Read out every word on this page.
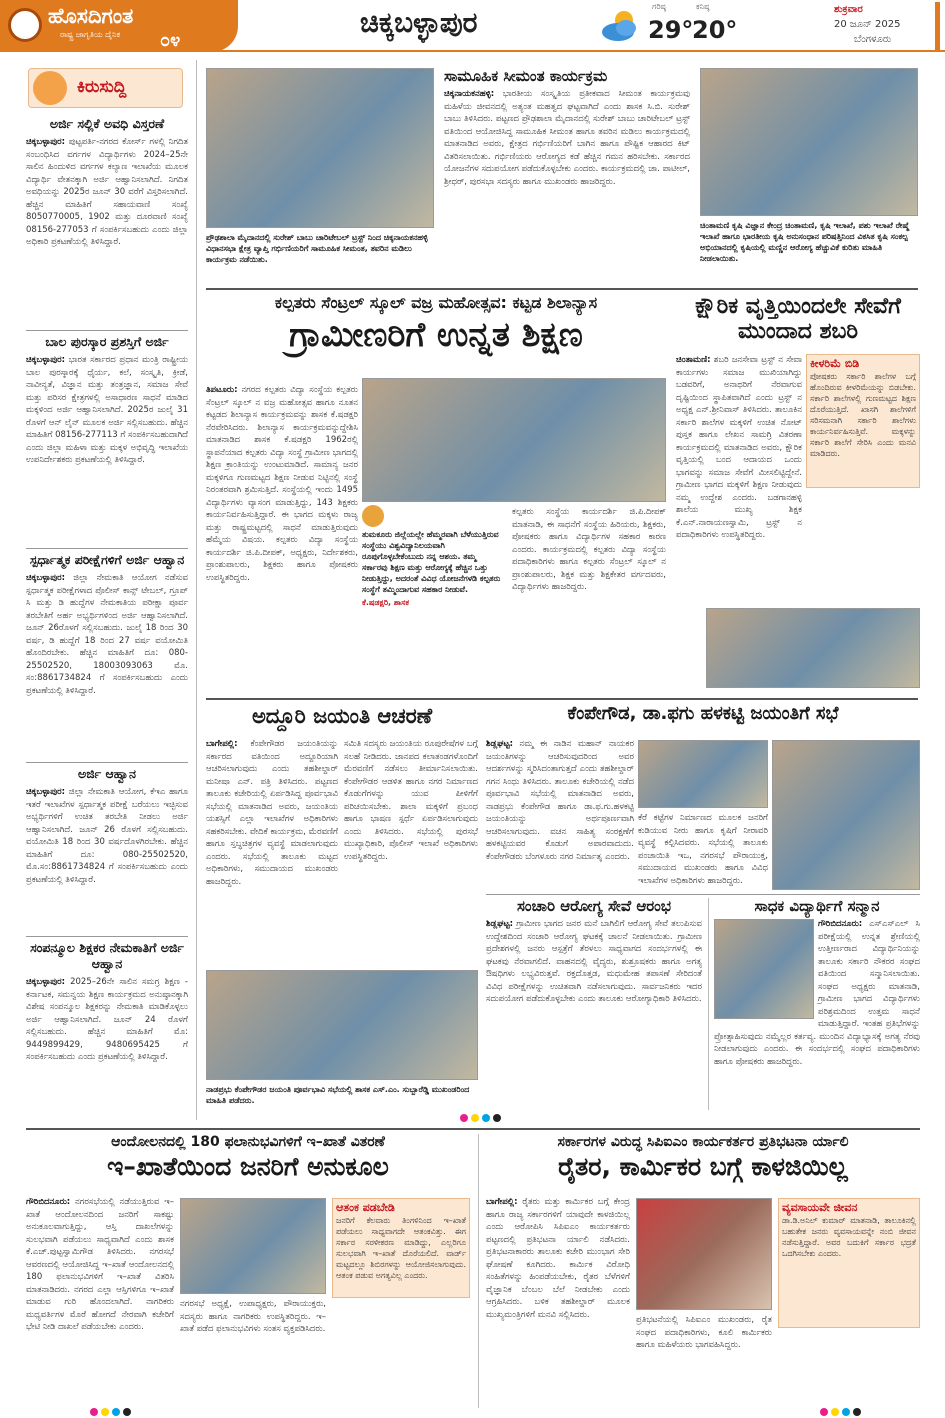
ಹೊಸದಿಗಂತ
ರಾಷ್ಟ್ರ ಜಾಗೃತಿಯ ದೈನಿಕ ೦೪
ಚಿಕ್ಕಬಳ್ಳಾಪುರ	ಗರಿಷ್ಠ
29°
ಕನಿಷ್ಠ
20°
ಶುಕ್ರವಾರ
20 ಜೂನ್ 2025
ಬೆಂಗಳೂರು
ಕಿರುಸುದ್ದಿ
ಅರ್ಜಿ ಸಲ್ಲಿಕೆ ಅವಧಿ ವಿಸ್ತರಣೆ
ಚಿಕ್ಕಬಳ್ಳಾಪುರ: ಪುಟ್ಟಪರ್ತಿ-ನಗರದ ಕೋರ್ಸ್ ಗಳಲ್ಲಿ ನಿಗದಿತ ಸಂಬಂಧಿಸಿದ ವರ್ಗಗಳ ವಿದ್ಯಾರ್ಥಿಗಳು 2024–25ನೇ ಸಾಲಿನ ಹಿಂದುಳಿದ ವರ್ಗಗಳ ಕಲ್ಯಾಣ ಇಲಾಖೆಯ ಮೂಲಕ ವಿದ್ಯಾರ್ಥಿ ವೇತನಕ್ಕಾಗಿ ಅರ್ಜಿ ಆಹ್ವಾನಿಸಲಾಗಿದೆ. ನಿಗದಿತ ಅವಧಿಯನ್ನು 2025ರ ಜೂನ್ 30 ವರೆಗೆ ವಿಸ್ತರಿಸಲಾಗಿದೆ. ಹೆಚ್ಚಿನ ಮಾಹಿತಿಗೆ ಸಹಾಯವಾಣಿ ಸಂಖ್ಯೆ 8050770005, 1902 ಮತ್ತು ದೂರವಾಣಿ ಸಂಖ್ಯೆ 08156-277053 ಗೆ ಸಂಪರ್ಕಿಸಬಹುದು ಎಂದು ಜಿಲ್ಲಾ ಅಧಿಕಾರಿ ಪ್ರಕಟಣೆಯಲ್ಲಿ ತಿಳಿಸಿದ್ದಾರೆ.
ಬಾಲ ಪುರಸ್ಕಾರ ಪ್ರಶಸ್ತಿಗೆ ಅರ್ಜಿ
ಚಿಕ್ಕಬಳ್ಳಾಪುರ: ಭಾರತ ಸರ್ಕಾರದ ಪ್ರಧಾನ ಮಂತ್ರಿ ರಾಷ್ಟ್ರೀಯ ಬಾಲ ಪುರಸ್ಕಾರಕ್ಕೆ ಧೈರ್ಯ, ಕಲೆ, ಸಂಸ್ಕೃತಿ, ಕ್ರೀಡೆ, ನಾವೀನ್ಯತೆ, ವಿಜ್ಞಾನ ಮತ್ತು ತಂತ್ರಜ್ಞಾನ, ಸಮಾಜ ಸೇವೆ ಮತ್ತು ಪರಿಸರ ಕ್ಷೇತ್ರಗಳಲ್ಲಿ ಅಸಾಧಾರಣ ಸಾಧನೆ ಮಾಡಿದ ಮಕ್ಕಳಿಂದ ಅರ್ಜಿ ಆಹ್ವಾನಿಸಲಾಗಿದೆ. 2025ರ ಜುಲೈ 31 ರೊಳಗೆ ಆನ್ ಲೈನ್ ಮೂಲಕ ಅರ್ಜಿ ಸಲ್ಲಿಸಬಹುದು. ಹೆಚ್ಚಿನ ಮಾಹಿತಿಗೆ 08156-277113 ಗೆ ಸಂಪರ್ಕಿಸಬಹುದಾಗಿದೆ ಎಂದು ಜಿಲ್ಲಾ ಮಹಿಳಾ ಮತ್ತು ಮಕ್ಕಳ ಅಭಿವೃದ್ಧಿ ಇಲಾಖೆಯ ಉಪನಿರ್ದೇಶಕರು ಪ್ರಕಟಣೆಯಲ್ಲಿ ತಿಳಿಸಿದ್ದಾರೆ.
ಸ್ಪರ್ಧಾತ್ಮಕ ಪರೀಕ್ಷೆಗಳಿಗೆ ಅರ್ಜಿ ಆಹ್ವಾನ
ಚಿಕ್ಕಬಳ್ಳಾಪುರ: ಜಿಲ್ಲಾ ನೇಮಕಾತಿ ಆಯೋಗ ನಡೆಸುವ ಸ್ಪರ್ಧಾತ್ಮಕ ಪರೀಕ್ಷೆಗಳಾದ ಪೊಲೀಸ್ ಕಾನ್ಸ್ ಟೇಬಲ್, ಗ್ರೂಪ್ ಸಿ ಮತ್ತು ಡಿ ಹುದ್ದೆಗಳ ನೇಮಕಾತಿಯ ಪರೀಕ್ಷಾ ಪೂರ್ವ ತರಬೇತಿಗೆ ಅರ್ಹ ಅಭ್ಯರ್ಥಿಗಳಿಂದ ಅರ್ಜಿ ಆಹ್ವಾನಿಸಲಾಗಿದೆ. ಜೂನ್ 26ರೊಳಗೆ ಸಲ್ಲಿಸಬಹುದು. ಜುಲೈ 18 ರಿಂದ 30 ವರ್ಷ, ಡಿ ಹುದ್ದೆಗೆ 18 ರಿಂದ 27 ವರ್ಷ ವಯೋಮಿತಿ ಹೊಂದಿರಬೇಕು. ಹೆಚ್ಚಿನ ಮಾಹಿತಿಗೆ ದೂ: 080-25502520, 18003093063 ಮೊ. ಸಂ:8861734824 ಗೆ ಸಂಪರ್ಕಿಸಬಹುದು ಎಂದು ಪ್ರಕಟಣೆಯಲ್ಲಿ ತಿಳಿಸಿದ್ದಾರೆ.
ಅರ್ಜಿ ಆಹ್ವಾನ
ಚಿಕ್ಕಬಳ್ಳಾಪುರ: ಜಿಲ್ಲಾ ನೇಮಕಾತಿ ಆಯೋಗ, ಕೆಇಎ ಹಾಗೂ ಇತರೆ ಇಲಾಖೆಗಳ ಸ್ಪರ್ಧಾತ್ಮಕ ಪರೀಕ್ಷೆ ಬರೆಯಲು ಇಚ್ಛಿಸುವ ಅಭ್ಯರ್ಥಿಗಳಿಗೆ ಉಚಿತ ತರಬೇತಿ ನೀಡಲು ಅರ್ಜಿ ಆಹ್ವಾನಿಸಲಾಗಿದೆ. ಜೂನ್ 26 ರೊಳಗೆ ಸಲ್ಲಿಸಬಹುದು. ವಯೋಮಿತಿ 18 ರಿಂದ 30 ವರ್ಷದೊಳಗಿರಬೇಕು. ಹೆಚ್ಚಿನ ಮಾಹಿತಿಗೆ ದೂ: 080-25502520, ಮೊ.ಸಂ:8861734824 ಗೆ ಸಂಪರ್ಕಿಸಬಹುದು ಎಂದು ಪ್ರಕಟಣೆಯಲ್ಲಿ ತಿಳಿಸಿದ್ದಾರೆ.
ಸಂಪನ್ಮೂಲ ಶಿಕ್ಷಕರ ನೇಮಕಾತಿಗೆ ಅರ್ಜಿ ಆಹ್ವಾನ
ಚಿಕ್ಕಬಳ್ಳಾಪುರ: 2025–26ನೇ ಸಾಲಿನ ಸಮಗ್ರ ಶಿಕ್ಷಣ - ಕರ್ನಾಟಕ, ಸಮನ್ವಯ ಶಿಕ್ಷಣ ಕಾರ್ಯಕ್ರಮದ ಅನುಷ್ಠಾನಕ್ಕಾಗಿ ವಿಶೇಷ ಸಂಪನ್ಮೂಲ ಶಿಕ್ಷಕರನ್ನು ನೇಮಕಾತಿ ಮಾಡಿಕೊಳ್ಳಲು ಅರ್ಜಿ ಆಹ್ವಾನಿಸಲಾಗಿದೆ. ಜೂನ್ 24 ರೊಳಗೆ ಸಲ್ಲಿಸಬಹುದು. ಹೆಚ್ಚಿನ ಮಾಹಿತಿಗೆ ಮೊ: 9449899429, 9480695425 ಗೆ ಸಂಪರ್ಕಿಸಬಹುದು ಎಂದು ಪ್ರಕಟಣೆಯಲ್ಲಿ ತಿಳಿಸಿದ್ದಾರೆ.
ಪ್ರೌಢಶಾಲಾ ಮೈದಾನದಲ್ಲಿ ಸುರೇಶ್ ಬಾಬು ಚಾರಿಟೇಬಲ್ ಟ್ರಸ್ಟ್ ನಿಂದ ಚಿಕ್ಕನಾಯಕನಹಳ್ಳಿ ವಿಧಾನಸಭಾ ಕ್ಷೇತ್ರ ವ್ಯಾಪ್ತಿ ಗರ್ಭಿಣಿಯರಿಗೆ ಸಾಮೂಹಿಕ ಸೀಮಂತ, ತವರಿನ ಮಡಿಲು ಕಾರ್ಯಕ್ರಮ ನಡೆಯಿತು.
ಸಾಮೂಹಿಕ ಸೀಮಂತ ಕಾರ್ಯಕ್ರಮ
ಚಿಕ್ಕನಾಯಕನಹಳ್ಳಿ: ಭಾರತೀಯ ಸಂಸ್ಕೃತಿಯ ಪ್ರತೀಕವಾದ ಸೀಮಂತ ಕಾರ್ಯಕ್ರಮವು ಮಹಿಳೆಯ ಜೀವನದಲ್ಲಿ ಅತ್ಯಂತ ಮಹತ್ವದ ಘಟ್ಟವಾಗಿದೆ ಎಂದು ಶಾಸಕ ಸಿ.ಬಿ. ಸುರೇಶ್ ಬಾಬು ತಿಳಿಸಿದರು. ಪಟ್ಟಣದ ಪ್ರೌಢಶಾಲಾ ಮೈದಾನದಲ್ಲಿ ಸುರೇಶ್ ಬಾಬು ಚಾರಿಟೇಬಲ್ ಟ್ರಸ್ಟ್ ವತಿಯಿಂದ ಆಯೋಜಿಸಿದ್ದ ಸಾಮೂಹಿಕ ಸೀಮಂತ ಹಾಗೂ ತವರಿನ ಮಡಿಲು ಕಾರ್ಯಕ್ರಮದಲ್ಲಿ ಮಾತನಾಡಿದ ಅವರು, ಕ್ಷೇತ್ರದ ಗರ್ಭಿಣಿಯರಿಗೆ ಬಾಗಿನ ಹಾಗೂ ಪೌಷ್ಟಿಕ ಆಹಾರದ ಕಿಟ್ ವಿತರಿಸಲಾಯಿತು. ಗರ್ಭಿಣಿಯರು ಆರೋಗ್ಯದ ಕಡೆ ಹೆಚ್ಚಿನ ಗಮನ ಹರಿಸಬೇಕು. ಸರ್ಕಾರದ ಯೋಜನೆಗಳ ಸದುಪಯೋಗ ಪಡೆದುಕೊಳ್ಳಬೇಕು ಎಂದರು. ಕಾರ್ಯಕ್ರಮದಲ್ಲಿ ಚಾ. ಪಾಟೀಲ್, ಶ್ರೀಧರ್, ಪುರಸಭಾ ಸದಸ್ಯರು ಹಾಗೂ ಮುಖಂಡರು ಹಾಜರಿದ್ದರು.
ಚಿಂತಾಮಣಿ ಕೃಷಿ ವಿಜ್ಞಾನ ಕೇಂದ್ರ ಚಿಂತಾಮಣಿ, ಕೃಷಿ ಇಲಾಖೆ, ಪಶು ಇಲಾಖೆ ರೇಷ್ಮೆ ಇಲಾಖೆ ಹಾಗೂ ಭಾರತೀಯ ಕೃಷಿ ಅನುಸಂಧಾನ ಪರಿಷತ್ತಿನಿಂದ ವಿಕಸಿತ ಕೃಷಿ ಸಂಕಲ್ಪ ಅಭಿಯಾನದಲ್ಲಿ ಕೃಷಿಯಲ್ಲಿ ಮಣ್ಣಿನ ಆರೋಗ್ಯ ಹೆಚ್ಚುವಿಕೆ ಕುರಿತು ಮಾಹಿತಿ ನೀಡಲಾಯಿತು.
ಕಲ್ಪತರು ಸೆಂಟ್ರಲ್ ಸ್ಕೂಲ್ ವಜ್ರ ಮಹೋತ್ಸವ: ಕಟ್ಟಡ ಶಿಲಾನ್ಯಾಸ
ಗ್ರಾಮೀಣರಿಗೆ ಉನ್ನತ ಶಿಕ್ಷಣ
ತಿಪಟೂರು: ನಗರದ ಕಲ್ಪತರು ವಿದ್ಯಾ ಸಂಸ್ಥೆಯ ಕಲ್ಪತರು ಸೆಂಟ್ರಲ್ ಸ್ಕೂಲ್ ನ ವಜ್ರ ಮಹೋತ್ಸವ ಹಾಗೂ ನೂತನ ಕಟ್ಟಡದ ಶಿಲಾನ್ಯಾಸ ಕಾರ್ಯಕ್ರಮವನ್ನು ಶಾಸಕ ಕೆ.ಷಡಕ್ಷರಿ ನೆರವೇರಿಸಿದರು. ಶಿಲಾನ್ಯಾಸ ಕಾರ್ಯಕ್ರಮವನ್ನುದ್ದೇಶಿಸಿ ಮಾತನಾಡಿದ ಶಾಸಕ ಕೆ.ಷಡಕ್ಷರಿ 1962ರಲ್ಲಿ ಸ್ಥಾಪನೆಯಾದ ಕಲ್ಪತರು ವಿದ್ಯಾ ಸಂಸ್ಥೆ ಗ್ರಾಮೀಣ ಭಾಗದಲ್ಲಿ ಶಿಕ್ಷಣ ಕ್ರಾಂತಿಯನ್ನು ಉಂಟುಮಾಡಿದೆ. ಸಾಮಾನ್ಯ ಜನರ ಮಕ್ಕಳಿಗೂ ಗುಣಮಟ್ಟದ ಶಿಕ್ಷಣ ನೀಡುವ ನಿಟ್ಟಿನಲ್ಲಿ ಸಂಸ್ಥೆ ನಿರಂತರವಾಗಿ ಶ್ರಮಿಸುತ್ತಿದೆ. ಸಂಸ್ಥೆಯಲ್ಲಿ ಇಂದು 1495 ವಿದ್ಯಾರ್ಥಿಗಳು ವ್ಯಾಸಂಗ ಮಾಡುತ್ತಿದ್ದು, 143 ಶಿಕ್ಷಕರು ಕಾರ್ಯನಿರ್ವಹಿಸುತ್ತಿದ್ದಾರೆ. ಈ ಭಾಗದ ಮಕ್ಕಳು ರಾಜ್ಯ ಮತ್ತು ರಾಷ್ಟ್ರಮಟ್ಟದಲ್ಲಿ ಸಾಧನೆ ಮಾಡುತ್ತಿರುವುದು ಹೆಮ್ಮೆಯ ವಿಷಯ. ಕಲ್ಪತರು ವಿದ್ಯಾ ಸಂಸ್ಥೆಯ ಕಾರ್ಯದರ್ಶಿ ಜಿ.ಪಿ.ದೀಪಕ್, ಅಧ್ಯಕ್ಷರು, ನಿರ್ದೇಶಕರು, ಪ್ರಾಂಶುಪಾಲರು, ಶಿಕ್ಷಕರು ಹಾಗೂ ಪೋಷಕರು ಉಪಸ್ಥಿತರಿದ್ದರು.
ತುಮಕೂರು ಜಿಲ್ಲೆಯಲ್ಲೇ ಹೆಮ್ಮರವಾಗಿ ಬೆಳೆಯುತ್ತಿರುವ ಸಂಸ್ಥೆಯು ವಿಶ್ವವಿದ್ಯಾನಿಲಯವಾಗಿ ರೂಪುಗೊಳ್ಳಬೇಕೆಂಬುದು ನನ್ನ ಆಶಯ. ತಮ್ಮ ಸರ್ಕಾರವು ಶಿಕ್ಷಣ ಮತ್ತು ಆರೋಗ್ಯಕ್ಕೆ ಹೆಚ್ಚಿನ ಒತ್ತು ನೀಡುತ್ತಿದ್ದು, ಅದರಂತೆ ವಿವಿಧ ಯೋಜನೆಗಳಡಿ ಕಲ್ಪತರು ಸಂಸ್ಥೆಗೆ ತಮ್ಮಿಂದಾಗುವ ಸಹಕಾರ ನೀಡುವೆ.
ಕೆ.ಷಡಕ್ಷರಿ, ಶಾಸಕ
ಕಲ್ಪತರು ಸಂಸ್ಥೆಯ ಕಾರ್ಯದರ್ಶಿ ಜಿ.ಪಿ.ದೀಪಕ್ ಮಾತನಾಡಿ, ಈ ಸಾಧನೆಗೆ ಸಂಸ್ಥೆಯ ಹಿರಿಯರು, ಶಿಕ್ಷಕರು, ಪೋಷಕರು ಹಾಗೂ ವಿದ್ಯಾರ್ಥಿಗಳ ಸಹಕಾರ ಕಾರಣ ಎಂದರು. ಕಾರ್ಯಕ್ರಮದಲ್ಲಿ ಕಲ್ಪತರು ವಿದ್ಯಾ ಸಂಸ್ಥೆಯ ಪದಾಧಿಕಾರಿಗಳು ಹಾಗೂ ಕಲ್ಪತರು ಸೆಂಟ್ರಲ್ ಸ್ಕೂಲ್ ನ ಪ್ರಾಂಶುಪಾಲರು, ಶಿಕ್ಷಕ ಮತ್ತು ಶಿಕ್ಷಕೇತರ ವರ್ಗದವರು, ವಿದ್ಯಾರ್ಥಿಗಳು ಹಾಜರಿದ್ದರು.
ಕ್ಷೌರಿಕ ವೃತ್ತಿಯಿಂದಲೇ ಸೇವೆಗೆ ಮುಂದಾದ ಶಬರಿ
ಚಿಂತಾಮಣಿ: ಶಬರಿ ಜನಸೇವಾ ಟ್ರಸ್ಟ್ ನ ಸೇವಾ ಕಾರ್ಯಗಳು ಸಮಾಜ ಮುಖಿಯಾಗಿದ್ದು ಬಡವರಿಗೆ, ಅನಾಥರಿಗೆ ನೆರವಾಗುವ ದೃಷ್ಟಿಯಿಂದ ಸ್ಥಾಪಿತವಾಗಿದೆ ಎಂದು ಟ್ರಸ್ಟ್ ನ ಅಧ್ಯಕ್ಷ ಎನ್.ಶ್ರೀನಿವಾಸ್ ತಿಳಿಸಿದರು. ತಾಲೂಕಿನ ಸರ್ಕಾರಿ ಶಾಲೆಗಳ ಮಕ್ಕಳಿಗೆ ಉಚಿತ ನೋಟ್ ಪುಸ್ತಕ ಹಾಗೂ ಲೇಖನ ಸಾಮಗ್ರಿ ವಿತರಣಾ ಕಾರ್ಯಕ್ರಮದಲ್ಲಿ ಮಾತನಾಡಿದ ಅವರು, ಕ್ಷೌರಿಕ ವೃತ್ತಿಯಲ್ಲಿ ಬಂದ ಆದಾಯದ ಒಂದು ಭಾಗವನ್ನು ಸಮಾಜ ಸೇವೆಗೆ ಮೀಸಲಿಟ್ಟಿದ್ದೇನೆ. ಗ್ರಾಮೀಣ ಭಾಗದ ಮಕ್ಕಳಿಗೆ ಶಿಕ್ಷಣ ನೀಡುವುದು ನಮ್ಮ ಉದ್ದೇಶ ಎಂದರು. ಬಡಗಾನಹಳ್ಳಿ ಶಾಲೆಯ ಮುಖ್ಯ ಶಿಕ್ಷಕ ಕೆ.ಎನ್.ನಾರಾಯಣಸ್ವಾಮಿ, ಟ್ರಸ್ಟ್ ನ ಪದಾಧಿಕಾರಿಗಳು ಉಪಸ್ಥಿತರಿದ್ದರು.
ಕೀಳರಿಮೆ ಬಿಡಿ
ಪೋಷಕರು ಸರ್ಕಾರಿ ಶಾಲೆಗಳ ಬಗ್ಗೆ ಹೊಂದಿರುವ ಕೀಳರಿಮೆಯನ್ನು ಬಿಡಬೇಕು. ಸರ್ಕಾರಿ ಶಾಲೆಗಳಲ್ಲಿ ಗುಣಮಟ್ಟದ ಶಿಕ್ಷಣ ದೊರೆಯುತ್ತಿದೆ. ಖಾಸಗಿ ಶಾಲೆಗಳಿಗೆ ಸರಿಸಮನಾಗಿ ಸರ್ಕಾರಿ ಶಾಲೆಗಳು ಕಾರ್ಯನಿರ್ವಹಿಸುತ್ತಿವೆ. ಮಕ್ಕಳನ್ನು ಸರ್ಕಾರಿ ಶಾಲೆಗೆ ಸೇರಿಸಿ ಎಂದು ಮನವಿ ಮಾಡಿದರು.
ಅದ್ದೂರಿ ಜಯಂತಿ ಆಚರಣೆ
ಬಾಗೇಪಲ್ಲಿ: ಕೆಂಪೇಗೌಡರ ಜಯಂತಿಯನ್ನು ಸರ್ಕಾರದ ವತಿಯಿಂದ ಅದ್ದೂರಿಯಾಗಿ ಆಚರಿಸಲಾಗುವುದು ಎಂದು ತಹಶೀಲ್ದಾರ್ ಮನೀಷಾ ಎನ್. ಪತ್ರಿ ತಿಳಿಸಿದರು. ಪಟ್ಟಣದ ತಾಲೂಕು ಕಚೇರಿಯಲ್ಲಿ ಏರ್ಪಡಿಸಿದ್ದ ಪೂರ್ವಭಾವಿ ಸಭೆಯಲ್ಲಿ ಮಾತನಾಡಿದ ಅವರು, ಜಯಂತಿಯ ಯಶಸ್ಸಿಗೆ ಎಲ್ಲಾ ಇಲಾಖೆಗಳ ಅಧಿಕಾರಿಗಳು ಸಹಕರಿಸಬೇಕು. ವೇದಿಕೆ ಕಾರ್ಯಕ್ರಮ, ಮೆರವಣಿಗೆ ಹಾಗೂ ಸ್ತಬ್ಧಚಿತ್ರಗಳ ವ್ಯವಸ್ಥೆ ಮಾಡಲಾಗುವುದು ಎಂದರು. ಸಭೆಯಲ್ಲಿ ತಾಲೂಕು ಮಟ್ಟದ ಅಧಿಕಾರಿಗಳು, ಸಮುದಾಯದ ಮುಖಂಡರು ಹಾಜರಿದ್ದರು.
ಸಮಿತಿ ಸದಸ್ಯರು ಜಯಂತಿಯ ರೂಪುರೇಷೆಗಳ ಬಗ್ಗೆ ಸಲಹೆ ನೀಡಿದರು. ಜಾನಪದ ಕಲಾತಂಡಗಳೊಂದಿಗೆ ಮೆರವಣಿಗೆ ನಡೆಸಲು ತೀರ್ಮಾನಿಸಲಾಯಿತು. ಕೆಂಪೇಗೌಡರ ಆಡಳಿತ ಹಾಗೂ ನಗರ ನಿರ್ಮಾಣದ ಕೊಡುಗೆಗಳನ್ನು ಯುವ ಪೀಳಿಗೆಗೆ ಪರಿಚಯಿಸಬೇಕು. ಶಾಲಾ ಮಕ್ಕಳಿಗೆ ಪ್ರಬಂಧ ಹಾಗೂ ಭಾಷಣ ಸ್ಪರ್ಧೆ ಏರ್ಪಡಿಸಲಾಗುವುದು ಎಂದು ತಿಳಿಸಿದರು. ಸಭೆಯಲ್ಲಿ ಪುರಸಭೆ ಮುಖ್ಯಾಧಿಕಾರಿ, ಪೊಲೀಸ್ ಇಲಾಖೆ ಅಧಿಕಾರಿಗಳು ಉಪಸ್ಥಿತರಿದ್ದರು.
ನಾಡಪ್ರಭು ಕೆಂಪೇಗೌಡರ ಜಯಂತಿ ಪೂರ್ವಭಾವಿ ಸಭೆಯಲ್ಲಿ ಶಾಸಕ ಎಸ್.ಎಂ. ಸುಬ್ಬಾರೆಡ್ಡಿ ಮುಖಂಡರಿಂದ ಮಾಹಿತಿ ಪಡೆದರು.
ಕೆಂಪೇಗೌಡ, ಡಾ.ಫಗು ಹಳಕಟ್ಟಿ ಜಯಂತಿಗೆ ಸಭೆ
ಶಿಡ್ಲಘಟ್ಟ: ನಮ್ಮ ಈ ನಾಡಿನ ಮಹಾನ್ ನಾಯಕರ ಜಯಂತಿಗಳನ್ನು ಆಚರಿಸುವುದರಿಂದ ಅವರ ಆದರ್ಶಗಳನ್ನು ಸ್ಮರಿಸಿದಂತಾಗುತ್ತದೆ ಎಂದು ತಹಶೀಲ್ದಾರ್ ಗಗನ ಸಿಂಧು ತಿಳಿಸಿದರು. ತಾಲೂಕು ಕಚೇರಿಯಲ್ಲಿ ನಡೆದ ಪೂರ್ವಭಾವಿ ಸಭೆಯಲ್ಲಿ ಮಾತನಾಡಿದ ಅವರು, ನಾಡಪ್ರಭು ಕೆಂಪೇಗೌಡ ಹಾಗೂ ಡಾ.ಫ.ಗು.ಹಳಕಟ್ಟಿ ಜಯಂತಿಯನ್ನು ಅರ್ಥಪೂರ್ಣವಾಗಿ ಆಚರಿಸಲಾಗುವುದು. ವಚನ ಸಾಹಿತ್ಯ ಸಂರಕ್ಷಣೆಗೆ ಹಳಕಟ್ಟಿಯವರ ಕೊಡುಗೆ ಅಪಾರವಾದುದು. ಕೆಂಪೇಗೌಡರು ಬೆಂಗಳೂರು ನಗರ ನಿರ್ಮಾತೃ ಎಂದರು.
ಕೆರೆ ಕಟ್ಟೆಗಳ ನಿರ್ಮಾಣದ ಮೂಲಕ ಜನರಿಗೆ ಕುಡಿಯುವ ನೀರು ಹಾಗೂ ಕೃಷಿಗೆ ನೀರಾವರಿ ವ್ಯವಸ್ಥೆ ಕಲ್ಪಿಸಿದವರು. ಸಭೆಯಲ್ಲಿ ತಾಲೂಕು ಪಂಚಾಯಿತಿ ಇಒ, ನಗರಸಭೆ ಪೌರಾಯುಕ್ತ, ಸಮುದಾಯದ ಮುಖಂಡರು ಹಾಗೂ ವಿವಿಧ ಇಲಾಖೆಗಳ ಅಧಿಕಾರಿಗಳು ಹಾಜರಿದ್ದರು.
ಸಂಚಾರಿ ಆರೋಗ್ಯ ಸೇವೆ ಆರಂಭ
ಶಿಡ್ಲಘಟ್ಟ: ಗ್ರಾಮೀಣ ಭಾಗದ ಜನರ ಮನೆ ಬಾಗಿಲಿಗೆ ಆರೋಗ್ಯ ಸೇವೆ ತಲುಪಿಸುವ ಉದ್ದೇಶದಿಂದ ಸಂಚಾರಿ ಆರೋಗ್ಯ ಘಟಕಕ್ಕೆ ಚಾಲನೆ ನೀಡಲಾಯಿತು. ಗ್ರಾಮೀಣ ಪ್ರದೇಶಗಳಲ್ಲಿ ಜನರು ಆಸ್ಪತ್ರೆಗೆ ತೆರಳಲು ಸಾಧ್ಯವಾಗದ ಸಂದರ್ಭಗಳಲ್ಲಿ ಈ ಘಟಕವು ನೆರವಾಗಲಿದೆ. ವಾಹನದಲ್ಲಿ ವೈದ್ಯರು, ಶುಶ್ರೂಷಕರು ಹಾಗೂ ಅಗತ್ಯ ಔಷಧಿಗಳು ಲಭ್ಯವಿರುತ್ತವೆ. ರಕ್ತದೊತ್ತಡ, ಮಧುಮೇಹ ತಪಾಸಣೆ ಸೇರಿದಂತೆ ವಿವಿಧ ಪರೀಕ್ಷೆಗಳನ್ನು ಉಚಿತವಾಗಿ ನಡೆಸಲಾಗುವುದು. ಸಾರ್ವಜನಿಕರು ಇದರ ಸದುಪಯೋಗ ಪಡೆದುಕೊಳ್ಳಬೇಕು ಎಂದು ತಾಲೂಕು ಆರೋಗ್ಯಾಧಿಕಾರಿ ತಿಳಿಸಿದರು.
ಸಾಧಕ ವಿದ್ಯಾರ್ಥಿಗೆ ಸನ್ಮಾನ
ಗೌರಿಬಿದನೂರು: ಎಸ್ಎಸ್ಎಲ್ ಸಿ ಪರೀಕ್ಷೆಯಲ್ಲಿ ಉನ್ನತ ಶ್ರೇಣಿಯಲ್ಲಿ ಉತ್ತೀರ್ಣರಾದ ವಿದ್ಯಾರ್ಥಿನಿಯನ್ನು ತಾಲೂಕು ಸರ್ಕಾರಿ ನೌಕರರ ಸಂಘದ ವತಿಯಿಂದ ಸನ್ಮಾನಿಸಲಾಯಿತು. ಸಂಘದ ಅಧ್ಯಕ್ಷರು ಮಾತನಾಡಿ, ಗ್ರಾಮೀಣ ಭಾಗದ ವಿದ್ಯಾರ್ಥಿಗಳು ಪರಿಶ್ರಮದಿಂದ ಉತ್ತಮ ಸಾಧನೆ ಮಾಡುತ್ತಿದ್ದಾರೆ. ಇಂತಹ ಪ್ರತಿಭೆಗಳನ್ನು ಪ್ರೋತ್ಸಾಹಿಸುವುದು ನಮ್ಮೆಲ್ಲರ ಕರ್ತವ್ಯ. ಮುಂದಿನ ವಿದ್ಯಾಭ್ಯಾಸಕ್ಕೆ ಅಗತ್ಯ ನೆರವು ನೀಡಲಾಗುವುದು ಎಂದರು. ಈ ಸಂದರ್ಭದಲ್ಲಿ ಸಂಘದ ಪದಾಧಿಕಾರಿಗಳು ಹಾಗೂ ಪೋಷಕರು ಹಾಜರಿದ್ದರು.
ಆಂದೋಲನದಲ್ಲಿ 180 ಫಲಾನುಭವಿಗಳಿಗೆ ಇ–ಖಾತೆ ವಿತರಣೆ
ಇ–ಖಾತೆಯಿಂದ ಜನರಿಗೆ ಅನುಕೂಲ
ಗೌರಿಬಿದನೂರು: ನಗರಸಭೆಯಲ್ಲಿ ನಡೆಯುತ್ತಿರುವ ಇ–ಖಾತೆ ಆಂದೋಲನದಿಂದ ಜನರಿಗೆ ಸಾಕಷ್ಟು ಅನುಕೂಲವಾಗುತ್ತಿದ್ದು, ಆಸ್ತಿ ದಾಖಲೆಗಳನ್ನು ಸುಲಭವಾಗಿ ಪಡೆಯಲು ಸಾಧ್ಯವಾಗಿದೆ ಎಂದು ಶಾಸಕ ಕೆ.ಎಚ್.ಪುಟ್ಟಸ್ವಾಮಿಗೌಡ ತಿಳಿಸಿದರು. ನಗರಸಭೆ ಆವರಣದಲ್ಲಿ ಆಯೋಜಿಸಿದ್ದ ಇ–ಖಾತೆ ಆಂದೋಲನದಲ್ಲಿ 180 ಫಲಾನುಭವಿಗಳಿಗೆ ಇ–ಖಾತೆ ವಿತರಿಸಿ ಮಾತನಾಡಿದರು. ನಗರದ ಎಲ್ಲಾ ಆಸ್ತಿಗಳಿಗೂ ಇ–ಖಾತೆ ಮಾಡುವ ಗುರಿ ಹೊಂದಲಾಗಿದೆ. ನಾಗರಿಕರು ಮಧ್ಯವರ್ತಿಗಳ ಮೊರೆ ಹೋಗದೆ ನೇರವಾಗಿ ಕಚೇರಿಗೆ ಭೇಟಿ ನೀಡಿ ದಾಖಲೆ ಪಡೆಯಬೇಕು ಎಂದರು.
ನಗರಸಭೆ ಅಧ್ಯಕ್ಷೆ, ಉಪಾಧ್ಯಕ್ಷರು, ಪೌರಾಯುಕ್ತರು, ಸದಸ್ಯರು ಹಾಗೂ ನಾಗರಿಕರು ಉಪಸ್ಥಿತರಿದ್ದರು. ಇ–ಖಾತೆ ಪಡೆದ ಫಲಾನುಭವಿಗಳು ಸಂತಸ ವ್ಯಕ್ತಪಡಿಸಿದರು.
ಆತಂಕ ಪಡಬೇಡಿ
ಜನರಿಗೆ ಕೆಲವಾರು ತಿಂಗಳಿನಿಂದ ಇ–ಖಾತೆ ಪಡೆಯಲು ಸಾಧ್ಯವಾಗದೇ ಆತಂಕವಿತ್ತು. ಈಗ ಸರ್ಕಾರ ಸರಳೀಕರಣ ಮಾಡಿದ್ದು, ಎಲ್ಲರಿಗೂ ಸುಲಭವಾಗಿ ಇ–ಖಾತೆ ದೊರೆಯಲಿದೆ. ವಾರ್ಡ್ ಮಟ್ಟದಲ್ಲೂ ಶಿಬಿರಗಳನ್ನು ಆಯೋಜಿಸಲಾಗುವುದು. ಆತಂಕ ಪಡುವ ಅಗತ್ಯವಿಲ್ಲ ಎಂದರು.
ಸರ್ಕಾರಗಳ ವಿರುದ್ಧ ಸಿಪಿಐಎಂ ಕಾರ್ಯಕರ್ತರ ಪ್ರತಿಭಟನಾ ರ್ಯಾಲಿ
ರೈತರ, ಕಾರ್ಮಿಕರ ಬಗ್ಗೆ ಕಾಳಜಿಯಿಲ್ಲ
ಬಾಗೇಪಲ್ಲಿ: ರೈತರು ಮತ್ತು ಕಾರ್ಮಿಕರ ಬಗ್ಗೆ ಕೇಂದ್ರ ಹಾಗೂ ರಾಜ್ಯ ಸರ್ಕಾರಗಳಿಗೆ ಯಾವುದೇ ಕಾಳಜಿಯಿಲ್ಲ ಎಂದು ಆರೋಪಿಸಿ ಸಿಪಿಐಎಂ ಕಾರ್ಯಕರ್ತರು ಪಟ್ಟಣದಲ್ಲಿ ಪ್ರತಿಭಟನಾ ರ್ಯಾಲಿ ನಡೆಸಿದರು. ಪ್ರತಿಭಟನಾಕಾರರು ತಾಲೂಕು ಕಚೇರಿ ಮುಂಭಾಗ ಸೇರಿ ಘೋಷಣೆ ಕೂಗಿದರು. ಕಾರ್ಮಿಕ ವಿರೋಧಿ ಸಂಹಿತೆಗಳನ್ನು ಹಿಂಪಡೆಯಬೇಕು, ರೈತರ ಬೆಳೆಗಳಿಗೆ ವೈಜ್ಞಾನಿಕ ಬೆಂಬಲ ಬೆಲೆ ನೀಡಬೇಕು ಎಂದು ಆಗ್ರಹಿಸಿದರು. ಬಳಿಕ ತಹಶೀಲ್ದಾರ್ ಮೂಲಕ ಮುಖ್ಯಮಂತ್ರಿಗಳಿಗೆ ಮನವಿ ಸಲ್ಲಿಸಿದರು.
ಪ್ರತಿಭಟನೆಯಲ್ಲಿ ಸಿಪಿಐಎಂ ಮುಖಂಡರು, ರೈತ ಸಂಘದ ಪದಾಧಿಕಾರಿಗಳು, ಕೂಲಿ ಕಾರ್ಮಿಕರು ಹಾಗೂ ಮಹಿಳೆಯರು ಭಾಗವಹಿಸಿದ್ದರು.
ವ್ಯವಸಾಯವೇ ಜೀವನ
ಡಾ.ಡಿ.ಅನಿಲ್ ಕುಮಾರ್ ಮಾತನಾಡಿ, ತಾಲೂಕಿನಲ್ಲಿ ಬಹುತೇಕ ಜನರು ವ್ಯವಸಾಯವನ್ನೇ ನಂಬಿ ಜೀವನ ನಡೆಸುತ್ತಿದ್ದಾರೆ. ಅವರ ಬದುಕಿಗೆ ಸರ್ಕಾರ ಭದ್ರತೆ ಒದಗಿಸಬೇಕು ಎಂದರು.
